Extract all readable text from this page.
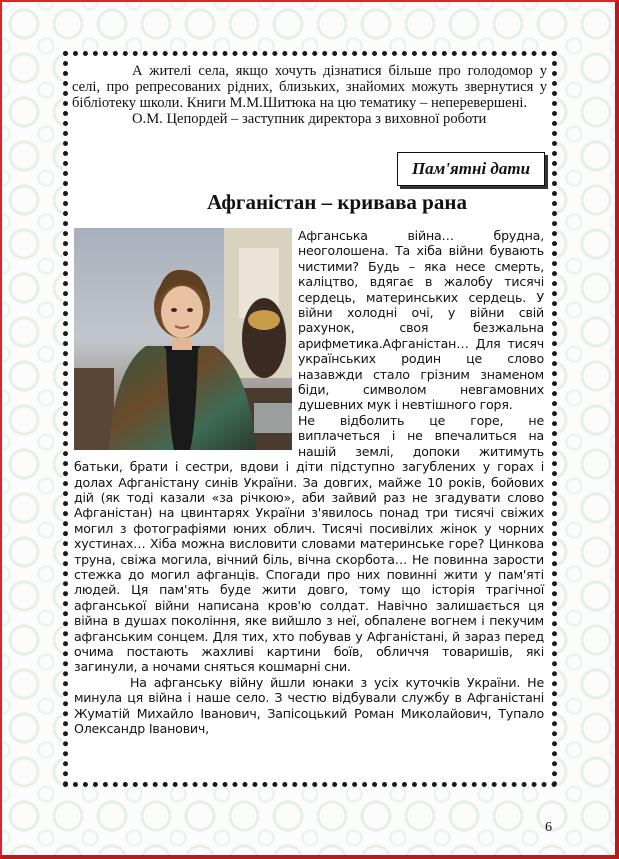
А жителі села, якщо хочуть дізнатися більше про голодомор у селі, про репресованих рідних, близьких, знайомих можуть звернутися у бібліотеку школи. Книги М.М.Шитюка на цю тематику – неперевершені.

О.М. Цепордей – заступник директора з виховної роботи

Пам'ятні дати
Афганістан – кривава рана

Афганська війна… брудна, неоголошена. Та хіба війни бувають чистими? Будь – яка несе смерть, каліцтво, вдягає в жалобу тисячі сердець, материнських сердець. У війни холодні очі, у війни свій рахунок, своя безжальна арифметика.Афганістан… Для тисяч українських родин це слово назавжди стало грізним знаменом біди, символом невгамовних душевних мук і невтішного горя.

Не відболить це горе, не виплачеться і не впечалиться на нашій землі, допоки житимуть батьки, брати і сестри, вдови і діти підступно загублених у горах і долах Афганістану синів України. За довгих, майже 10 років, бойових дій (як тоді казали «за річкою», аби зайвий раз не згадувати слово Афганістан) на цвинтарях України з'явилось понад три тисячі свіжих могил з фотографіями юних облич. Тисячі посивілих жінок у чорних хустинах… Хіба можна висловити словами материнське горе? Цинкова труна, свіжа могила, вічний біль, вічна скорбота… Не повинна зарости стежка до могил афганців. Спогади про них повинні жити у пам'яті людей. Ця пам'ять буде жити довго, тому що історія трагічної афганської війни написана кров'ю солдат. Навічно залишається ця війна в душах покоління, яке вийшло з неї, обпалене вогнем і пекучим афганським сонцем. Для тих, хто побував у Афганістані, й зараз перед очима постають жахливі картини боїв, обличчя товаришів, які загинули, а ночами сняться кошмарні сни.

На афганську війну йшли юнаки з усіх куточків України. Не минула ця війна і наше село. З честю відбували службу в Афганістані Жуматій Михайло Іванович, Запісоцький Роман Миколайович, Тупало Олександр Іванович,

6
